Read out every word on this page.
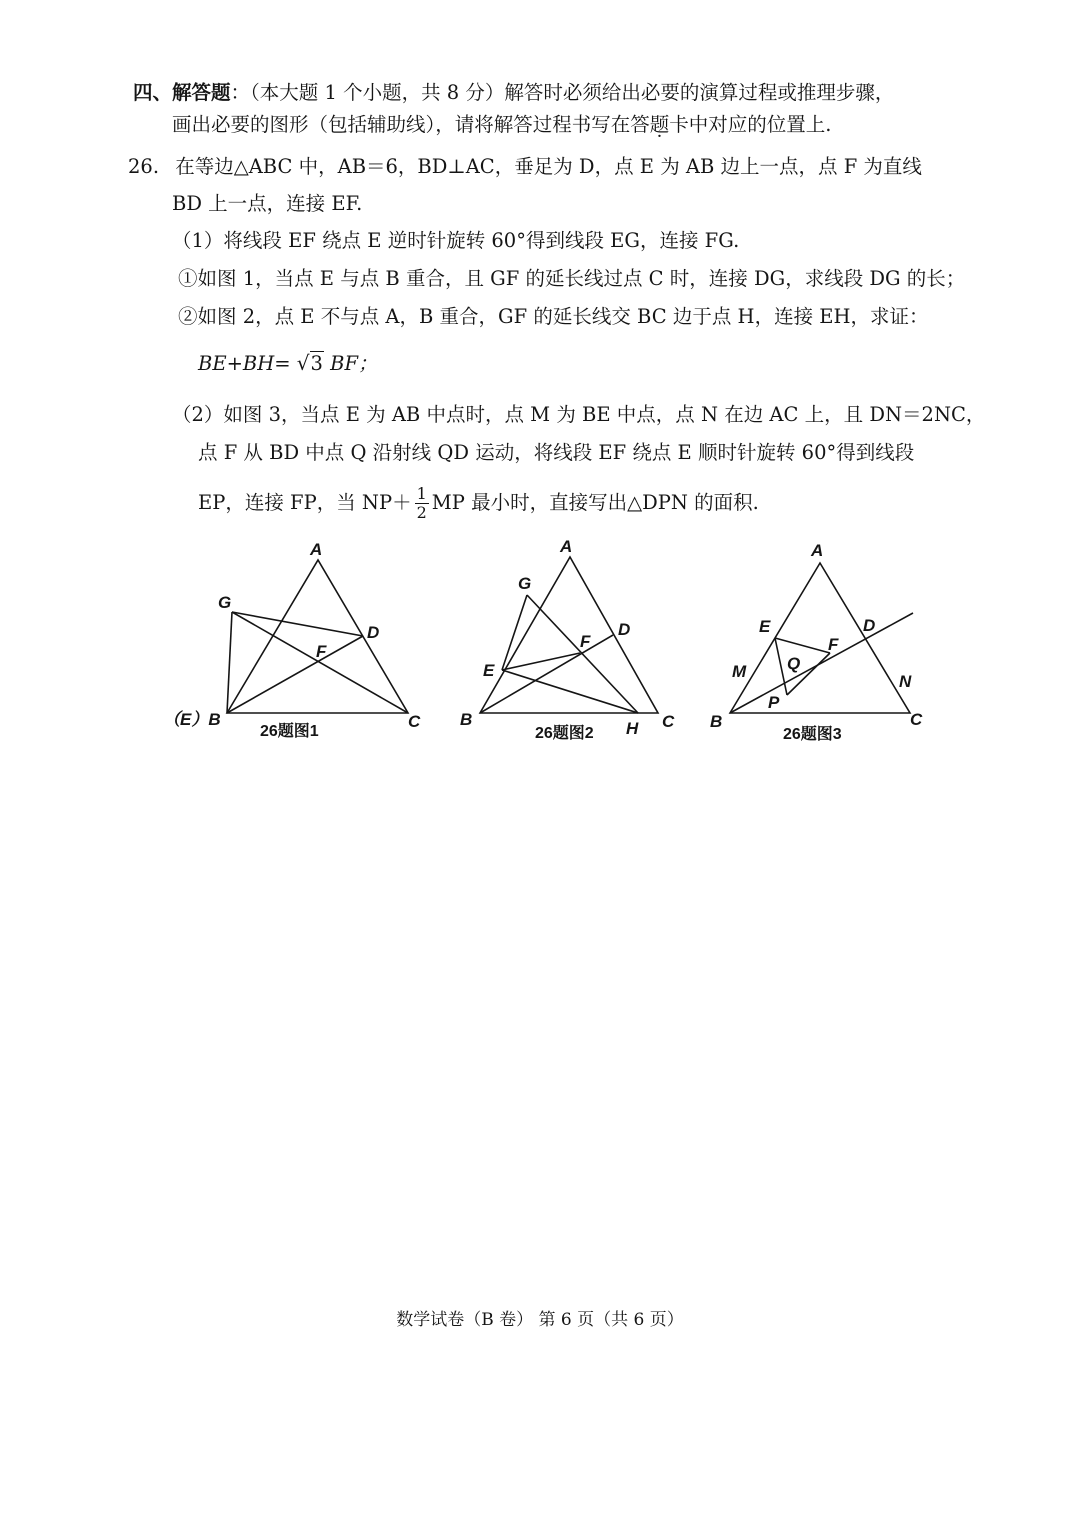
四、解答题：（本大题 1 个小题，共 8 分）解答时必须给出必要的演算过程或推理步骤，
画出必要的图形（包括辅助线），请将解答过程书写在答题卡中对应的位置上.
26. 在等边△ABC 中，AB＝6，BD⊥AC，垂足为 D，点 E 为 AB 边上一点，点 F 为直线
BD 上一点，连接 EF.
（1）将线段 EF 绕点 E 逆时针旋转 60°得到线段 EG，连接 FG.
①如图 1，当点 E 与点 B 重合，且 GF 的延长线过点 C 时，连接 DG，求线段 DG 的长；
②如图 2，点 E 不与点 A，B 重合，GF 的延长线交 BC 边于点 H，连接 EH，求证：
BE+BH= √3 BF；
（2）如图 3，当点 E 为 AB 中点时，点 M 为 BE 中点，点 N 在边 AC 上，且 DN＝2NC，
点 F 从 BD 中点 Q 沿射线 QD 运动，将线段 EF 绕点 E 顺时针旋转 60°得到线段
EP，连接 FP，当 $NP+ \frac{1}{2}$ MP 最小时，直接写出△DPN 的面积.
A
G
D
F
（E）B	C
26题图1
A
G
D
F
E
B	C
H
26题图2
A
E
F
D
M Q
N
P
B	C
26题图3
数学试卷（B 卷） 第 6 页（共 6 页）
